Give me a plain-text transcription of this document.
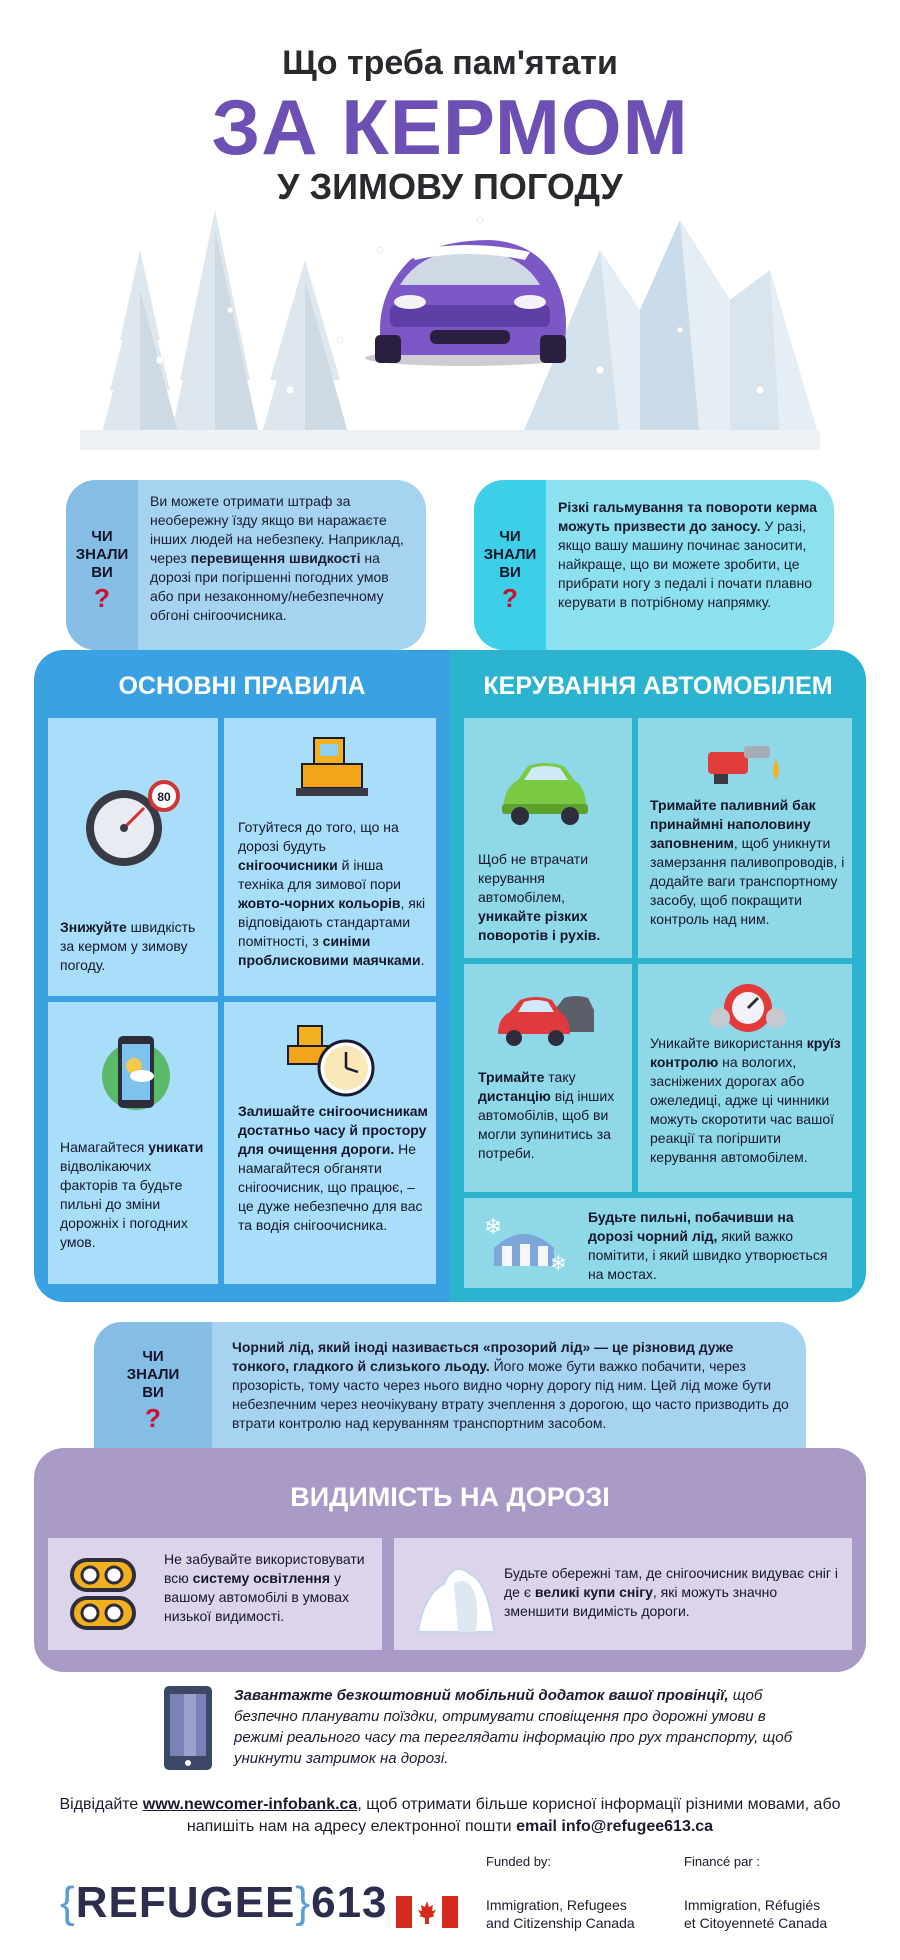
Що треба пам'ятати
ЗА КЕРМОМ
У ЗИМОВУ ПОГОДУ
ЧИ
ЗНАЛИ
ВИ
?
Ви можете отримати штраф за необережну їзду якщо ви наражаєте інших людей на небезпеку. Наприклад, через перевищення швидкості на дорозі при погіршенні погодних умов або при незаконному/небезпечному обгоні снігоочисника.
ЧИ
ЗНАЛИ
ВИ
?
Різкі гальмування та повороти керма можуть призвести до заносу. У разі, якщо вашу машину починає заносити, найкраще, що ви можете зробити, це прибрати ногу з педалі і почати плавно керувати в потрібному напрямку.
ОСНОВНІ ПРАВИЛА
80
Знижуйте швидкість за кермом у зимову погоду.
Готуйтеся до того, що на дорозі будуть снігоочисники й інша техніка для зимової пори жовто-чорних кольорів, які відповідають стандартами помітності, з синіми проблисковими маячками.
Намагайтеся уникати відволікаючих факторів та будьте пильні до зміни дорожніх і погодних умов.
Залишайте снігоочисникам достатньо часу й простору для очищення дороги. Не намагайтеся обганяти снігоочисник, що працює, – це дуже небезпечно для вас та водія снігоочисника.
КЕРУВАННЯ АВТОМОБІЛЕМ
Щоб не втрачати керування автомобілем, уникайте різких поворотів і рухів.
Тримайте паливний бак принаймні наполовину заповненим, щоб уникнути замерзання паливопроводів, і додайте ваги транспортному засобу, щоб покращити контроль над ним.
Тримайте таку дистанцію від інших автомобілів, щоб ви могли зупинитись за потреби.
Уникайте використання круїз контролю на вологих, засніжених дорогах або ожеледиці, адже ці чинники можуть скоротити час вашої реакції та погіршити керування автомобілем.
❄
❄
Будьте пильні, побачивши на дорозі чорний лід, який важко помітити, і який швидко утворюється на мостах.
ЧИ
ЗНАЛИ
ВИ
?
Чорний лід, який іноді називається «прозорий лід» — це різновид дуже тонкого, гладкого й слизького льоду. Його може бути важко побачити, через прозорість, тому часто через нього видно чорну дорогу під ним. Цей лід може бути небезпечним через неочікувану втрату зчеплення з дорогою, що часто призводить до втрати контролю над керуванням транспортним засобом.
ВИДИМІСТЬ НА ДОРОЗІ
Не забувайте використовувати всю систему освітлення у вашому автомобілі в умовах низької видимості.
Будьте обережні там, де снігоочисник видуває сніг і де є великі купи снігу, які можуть значно зменшити видимість дороги.
Завантажте безкоштовний мобільний додаток вашої провінції, щоб безпечно планувати поїздки, отримувати сповіщення про дорожні умови в режимі реального часу та переглядати інформацію про рух транспорту, щоб уникнути затримок на дорозі.
Відвідайте www.newcomer-infobank.ca, щоб отримати більше корисної інформації різними мовами, або напишіть нам на адресу електронної пошти email info@refugee613.ca
{REFUGEE}613
Funded by:	Financé par :
Immigration, Refugees
and Citizenship Canada
Immigration, Réfugiés
et Citoyenneté Canada
